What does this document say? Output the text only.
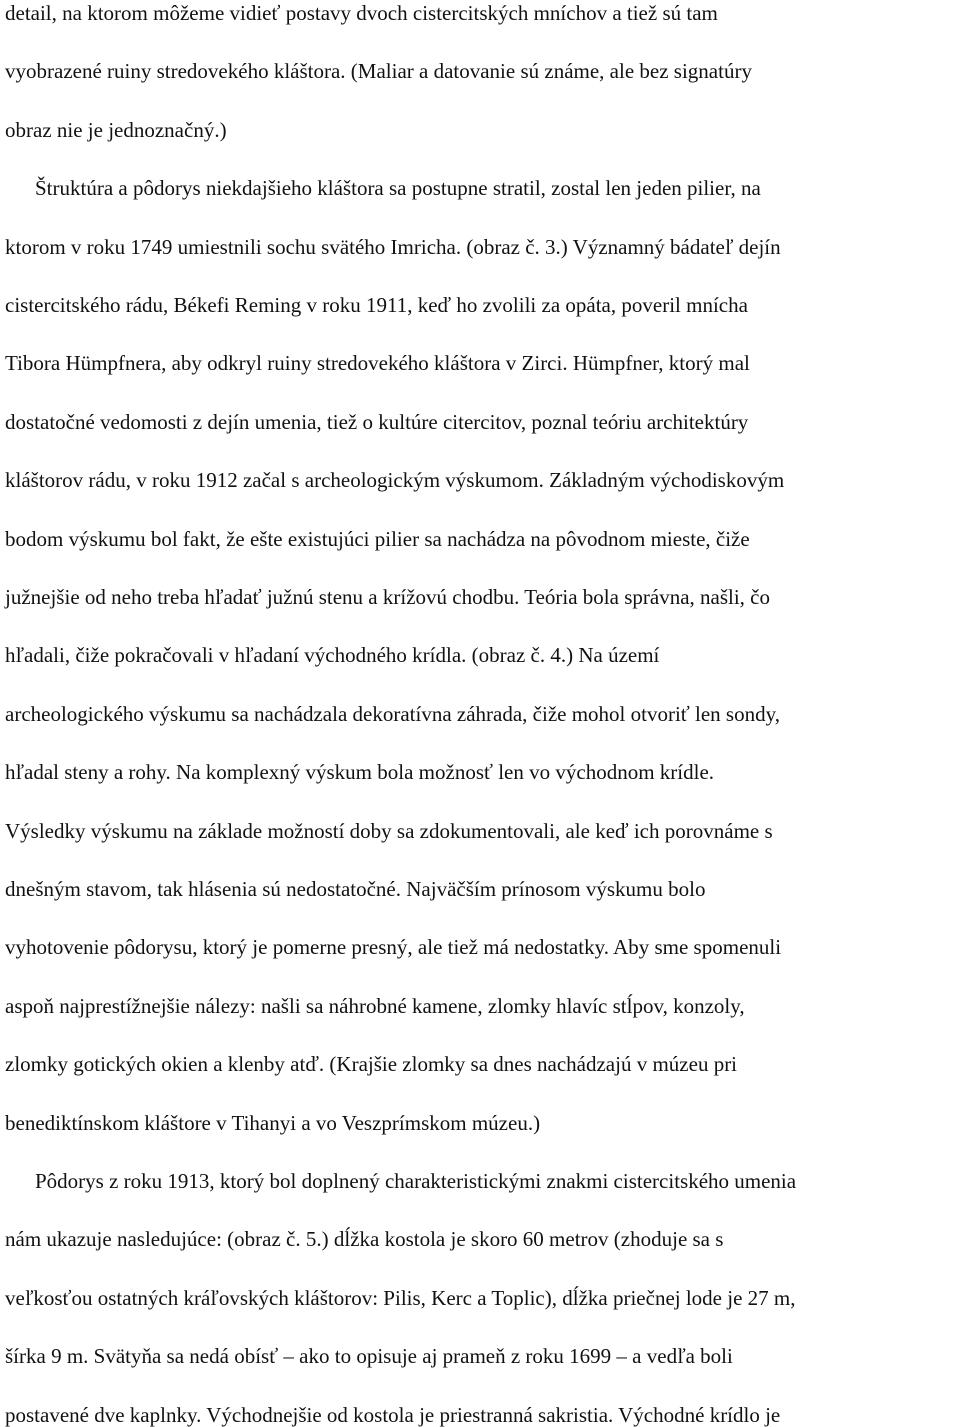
detail, na ktorom môžeme vidieť postavy dvoch cistercitských mníchov a tiež sú tam
vyobrazené ruiny stredovekého kláštora. (Maliar a datovanie sú známe, ale bez signatúry
obraz nie je jednoznačný.)
Štruktúra a pôdorys niekdajšieho kláštora sa postupne stratil, zostal len jeden pilier, na
ktorom v roku 1749 umiestnili sochu svätého Imricha. (obraz č. 3.) Významný bádateľ dejín
cistercitského rádu, Békefi Reming v roku 1911, keď ho zvolili za opáta, poveril mnícha
Tibora Hümpfnera, aby odkryl ruiny stredovekého kláštora v Zirci. Hümpfner, ktorý mal
dostatočné vedomosti z dejín umenia, tiež o kultúre citercitov, poznal teóriu architektúry
kláštorov rádu, v roku 1912 začal s archeologickým výskumom. Základným východiskovým
bodom výskumu bol fakt, že ešte existujúci pilier sa nachádza na pôvodnom mieste, čiže
južnejšie od neho treba hľadať južnú stenu a krížovú chodbu. Teória bola správna, našli, čo
hľadali, čiže pokračovali v hľadaní východného krídla. (obraz č. 4.) Na území
archeologického výskumu sa nachádzala dekoratívna záhrada, čiže mohol otvoriť len sondy,
hľadal steny a rohy. Na komplexný výskum bola možnosť len vo východnom krídle.
Výsledky výskumu na základe možností doby sa zdokumentovali, ale keď ich porovnáme s
dnešným stavom, tak hlásenia sú nedostatočné. Najväčším prínosom výskumu bolo
vyhotovenie pôdorysu, ktorý je pomerne presný, ale tiež má nedostatky. Aby sme spomenuli
aspoň najprestížnejšie nálezy: našli sa náhrobné kamene, zlomky hlavíc stĺpov, konzoly,
zlomky gotických okien a klenby atď. (Krajšie zlomky sa dnes nachádzajú v múzeu pri
benediktínskom kláštore v Tihanyi a vo Veszprímskom múzeu.)
Pôdorys z roku 1913, ktorý bol doplnený charakteristickými znakmi cistercitského umenia
nám ukazuje nasledujúce: (obraz č. 5.) dĺžka kostola je skoro 60 metrov (zhoduje sa s
veľkosťou ostatných kráľovských kláštorov: Pilis, Kerc a Toplic), dĺžka priečnej lode je 27 m,
šírka 9 m. Svätyňa sa nedá obísť – ako to opisuje aj prameň z roku 1699 – a vedľa boli
postavené dve kaplnky. Východnejšie od kostola je priestranná sakristia. Východné krídlo je
